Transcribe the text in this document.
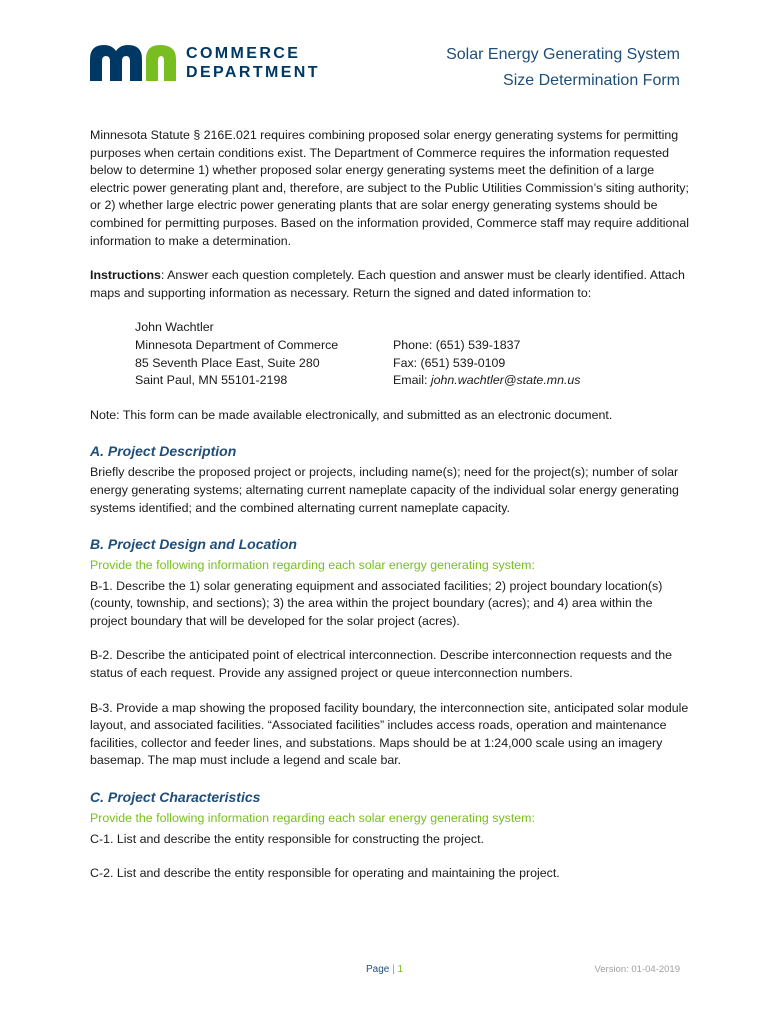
COMMERCE
DEPARTMENT
Solar Energy Generating System
Size Determination Form

Minnesota Statute § 216E.021 requires combining proposed solar energy generating systems for permitting purposes when certain conditions exist. The Department of Commerce requires the information requested below to determine 1) whether proposed solar energy generating systems meet the definition of a large electric power generating plant and, therefore, are subject to the Public Utilities Commission’s siting authority; or 2) whether large electric power generating plants that are solar energy generating systems should be combined for permitting purposes. Based on the information provided, Commerce staff may require additional information to make a determination.

Instructions: Answer each question completely. Each question and answer must be clearly identified. Attach maps and supporting information as necessary. Return the signed and dated information to:

John Wachtler
Minnesota Department of Commerce
85 Seventh Place East, Suite 280
Saint Paul, MN 55101-2198
Phone: (651) 539-1837
Fax: (651) 539-0109
Email: john.wachtler@state.mn.us

Note: This form can be made available electronically, and submitted as an electronic document.

A. Project Description

Briefly describe the proposed project or projects, including name(s); need for the project(s); number of solar energy generating systems; alternating current nameplate capacity of the individual solar energy generating systems identified; and the combined alternating current nameplate capacity.

B. Project Design and Location
Provide the following information regarding each solar energy generating system:

B-1. Describe the 1) solar generating equipment and associated facilities; 2) project boundary location(s) (county, township, and sections); 3) the area within the project boundary (acres); and 4) area within the project boundary that will be developed for the solar project (acres).

B-2. Describe the anticipated point of electrical interconnection. Describe interconnection requests and the status of each request. Provide any assigned project or queue interconnection numbers.

B-3. Provide a map showing the proposed facility boundary, the interconnection site, anticipated solar module layout, and associated facilities. “Associated facilities” includes access roads, operation and maintenance facilities, collector and feeder lines, and substations. Maps should be at 1:24,000 scale using an imagery basemap. The map must include a legend and scale bar.

C. Project Characteristics
Provide the following information regarding each solar energy generating system:

C-1. List and describe the entity responsible for constructing the project.

C-2. List and describe the entity responsible for operating and maintaining the project.

Page | 1	Version: 01-04-2019
